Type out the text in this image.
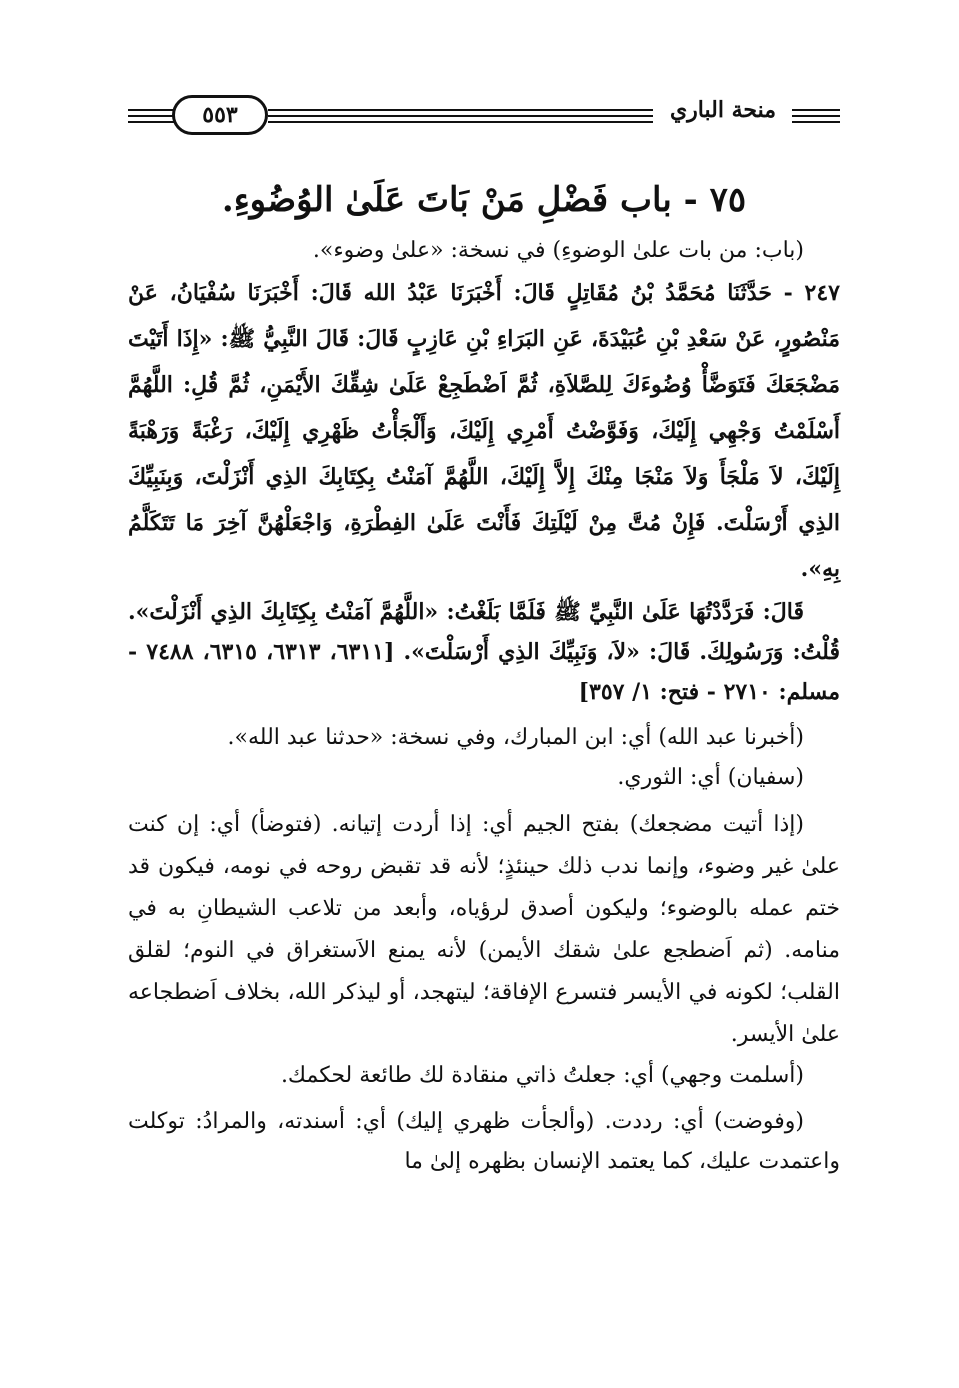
٥٥٣	منحة الباري
٧٥ - باب فَضْلِ مَنْ بَاتَ عَلَىٰ الوُضُوءِ.

(باب: من بات علىٰ الوضوءِ) في نسخة: «علىٰ وضوء».

٢٤٧ - حَدَّثَنَا مُحَمَّدُ بْنُ مُقَاتِلٍ قَالَ: أَخْبَرَنَا عَبْدُ الله قَالَ: أَخْبَرَنَا سُفْيَانُ، عَنْ مَنْصُورٍ، عَنْ سَعْدِ بْنِ عُبَيْدَةَ، عَنِ البَرَاءِ بْنِ عَازِبٍ قَالَ: قَالَ النَّبِيُّ ﷺ: «إِذَا أَتَيْتَ مَضْجَعَكَ فَتَوَضَّأْ وُضُوءَكَ لِلصَّلاَةِ، ثُمَّ اَضْطَجِعْ عَلَىٰ شِقِّكَ الأَيْمَنِ، ثُمَّ قُلِ: اللَّهُمَّ أَسْلَمْتُ وَجْهِي إِلَيْكَ، وَفَوَّضْتُ أَمْرِي إِلَيْكَ، وَأَلْجَأْتُ ظَهْرِي إِلَيْكَ، رَغْبَةً وَرَهْبَةً إِلَيْكَ، لاَ مَلْجَأَ وَلاَ مَنْجَا مِنْكَ إِلاَّ إِلَيْكَ، اللَّهُمَّ آمَنْتُ بِكِتَابِكَ الذِي أَنْزَلْتَ، وَبِنَبِيِّكَ الذِي أَرْسَلْتَ. فَإِنْ مُتَّ مِنْ لَيْلَتِكَ فَأَنْتَ عَلَىٰ الفِطْرَةِ، وَاجْعَلْهُنَّ آخِرَ مَا تَتَكَلَّمُ بِهِ».

قَالَ: فَرَدَّدْتُهَا عَلَىٰ النَّبِيِّ ﷺ فَلَمَّا بَلَغْتُ: «اللَّهُمَّ آمَنْتُ بِكِتَابِكَ الذِي أَنْزَلْتَ». قُلْتُ: وَرَسُولِكَ. قَالَ: «لاَ، وَنَبِيِّكَ الذِي أَرْسَلْتَ». [٦٣١١، ٦٣١٣، ٦٣١٥، ٧٤٨٨ - مسلم: ٢٧١٠ - فتح: ١/ ٣٥٧]

(أخبرنا عبد الله) أي: ابن المبارك، وفي نسخة: «حدثنا عبد الله».

(سفيان) أي: الثوري.

(إذا أتيت مضجعك) بفتح الجيم أي: إذا أردت إتيانه. (فتوضأ) أي: إن كنت علىٰ غير وضوء، وإنما ندب ذلك حينئذٍ؛ لأنه قد تقبض روحه في نومه، فيكون قد ختم عمله بالوضوء؛ وليكون أصدق لرؤياه، وأبعد من تلاعب الشيطانِ به في منامه. (ثم اَضطجع علىٰ شقك الأيمن) لأنه يمنع الاَستغراق في النوم؛ لقلق القلب؛ لكونه في الأيسر فتسرع الإفاقة؛ ليتهجد، أو ليذكر الله، بخلاف اَضطجاعه علىٰ الأيسر.

(أسلمت وجهي) أي: جعلتُ ذاتي منقادة لك طائعة لحكمك.

(وفوضت) أي: رددت. (وألجأت ظهري إليك) أي: أسندته، والمرادُ: توكلت واعتمدت عليك، كما يعتمد الإنسان بظهره إلىٰ ما
